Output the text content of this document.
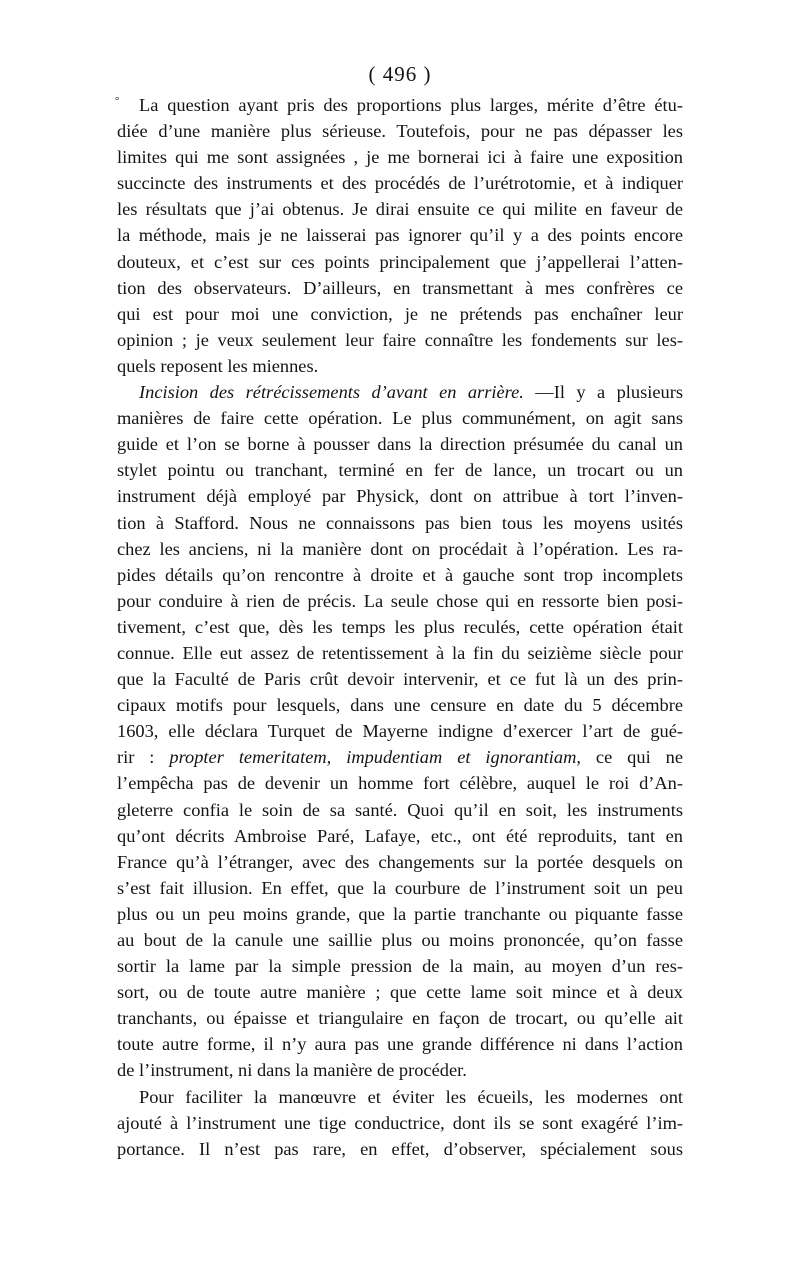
( 496 )
° La question ayant pris des proportions plus larges, mérite d’être étu-
diée d’une manière plus sérieuse. Toutefois, pour ne pas dépasser les
limites qui me sont assignées , je me bornerai ici à faire une exposition
succincte des instruments et des procédés de l’urétrotomie, et à indiquer
les résultats que j’ai obtenus. Je dirai ensuite ce qui milite en faveur de
la méthode, mais je ne laisserai pas ignorer qu’il y a des points encore
douteux, et c’est sur ces points principalement que j’appellerai l’atten-
tion des observateurs. D’ailleurs, en transmettant à mes confrères ce
qui est pour moi une conviction, je ne prétends pas enchaîner leur
opinion ; je veux seulement leur faire connaître les fondements sur les-
quels reposent les miennes.
Incision des rétrécissements d’avant en arrière. —Il y a plusieurs
manières de faire cette opération. Le plus communément, on agit sans
guide et l’on se borne à pousser dans la direction présumée du canal un
stylet pointu ou tranchant, terminé en fer de lance, un trocart ou un
instrument déjà employé par Physick, dont on attribue à tort l’inven-
tion à Stafford. Nous ne connaissons pas bien tous les moyens usités
chez les anciens, ni la manière dont on procédait à l’opération. Les ra-
pides détails qu’on rencontre à droite et à gauche sont trop incomplets
pour conduire à rien de précis. La seule chose qui en ressorte bien posi-
tivement, c’est que, dès les temps les plus reculés, cette opération était
connue. Elle eut assez de retentissement à la fin du seizième siècle pour
que la Faculté de Paris crût devoir intervenir, et ce fut là un des prin-
cipaux motifs pour lesquels, dans une censure en date du 5 décembre
1603, elle déclara Turquet de Mayerne indigne d’exercer l’art de gué-
rir : propter temeritatem, impudentiam et ignorantiam, ce qui ne
l’empêcha pas de devenir un homme fort célèbre, auquel le roi d’An-
gleterre confia le soin de sa santé. Quoi qu’il en soit, les instruments
qu’ont décrits Ambroise Paré, Lafaye, etc., ont été reproduits, tant en
France qu’à l’étranger, avec des changements sur la portée desquels on
s’est fait illusion. En effet, que la courbure de l’instrument soit un peu
plus ou un peu moins grande, que la partie tranchante ou piquante fasse
au bout de la canule une saillie plus ou moins prononcée, qu’on fasse
sortir la lame par la simple pression de la main, au moyen d’un res-
sort, ou de toute autre manière ; que cette lame soit mince et à deux
tranchants, ou épaisse et triangulaire en façon de trocart, ou qu’elle ait
toute autre forme, il n’y aura pas une grande différence ni dans l’action
de l’instrument, ni dans la manière de procéder.
Pour faciliter la manœuvre et éviter les écueils, les modernes ont
ajouté à l’instrument une tige conductrice, dont ils se sont exagéré l’im-
portance. Il n’est pas rare, en effet, d’observer, spécialement sous
